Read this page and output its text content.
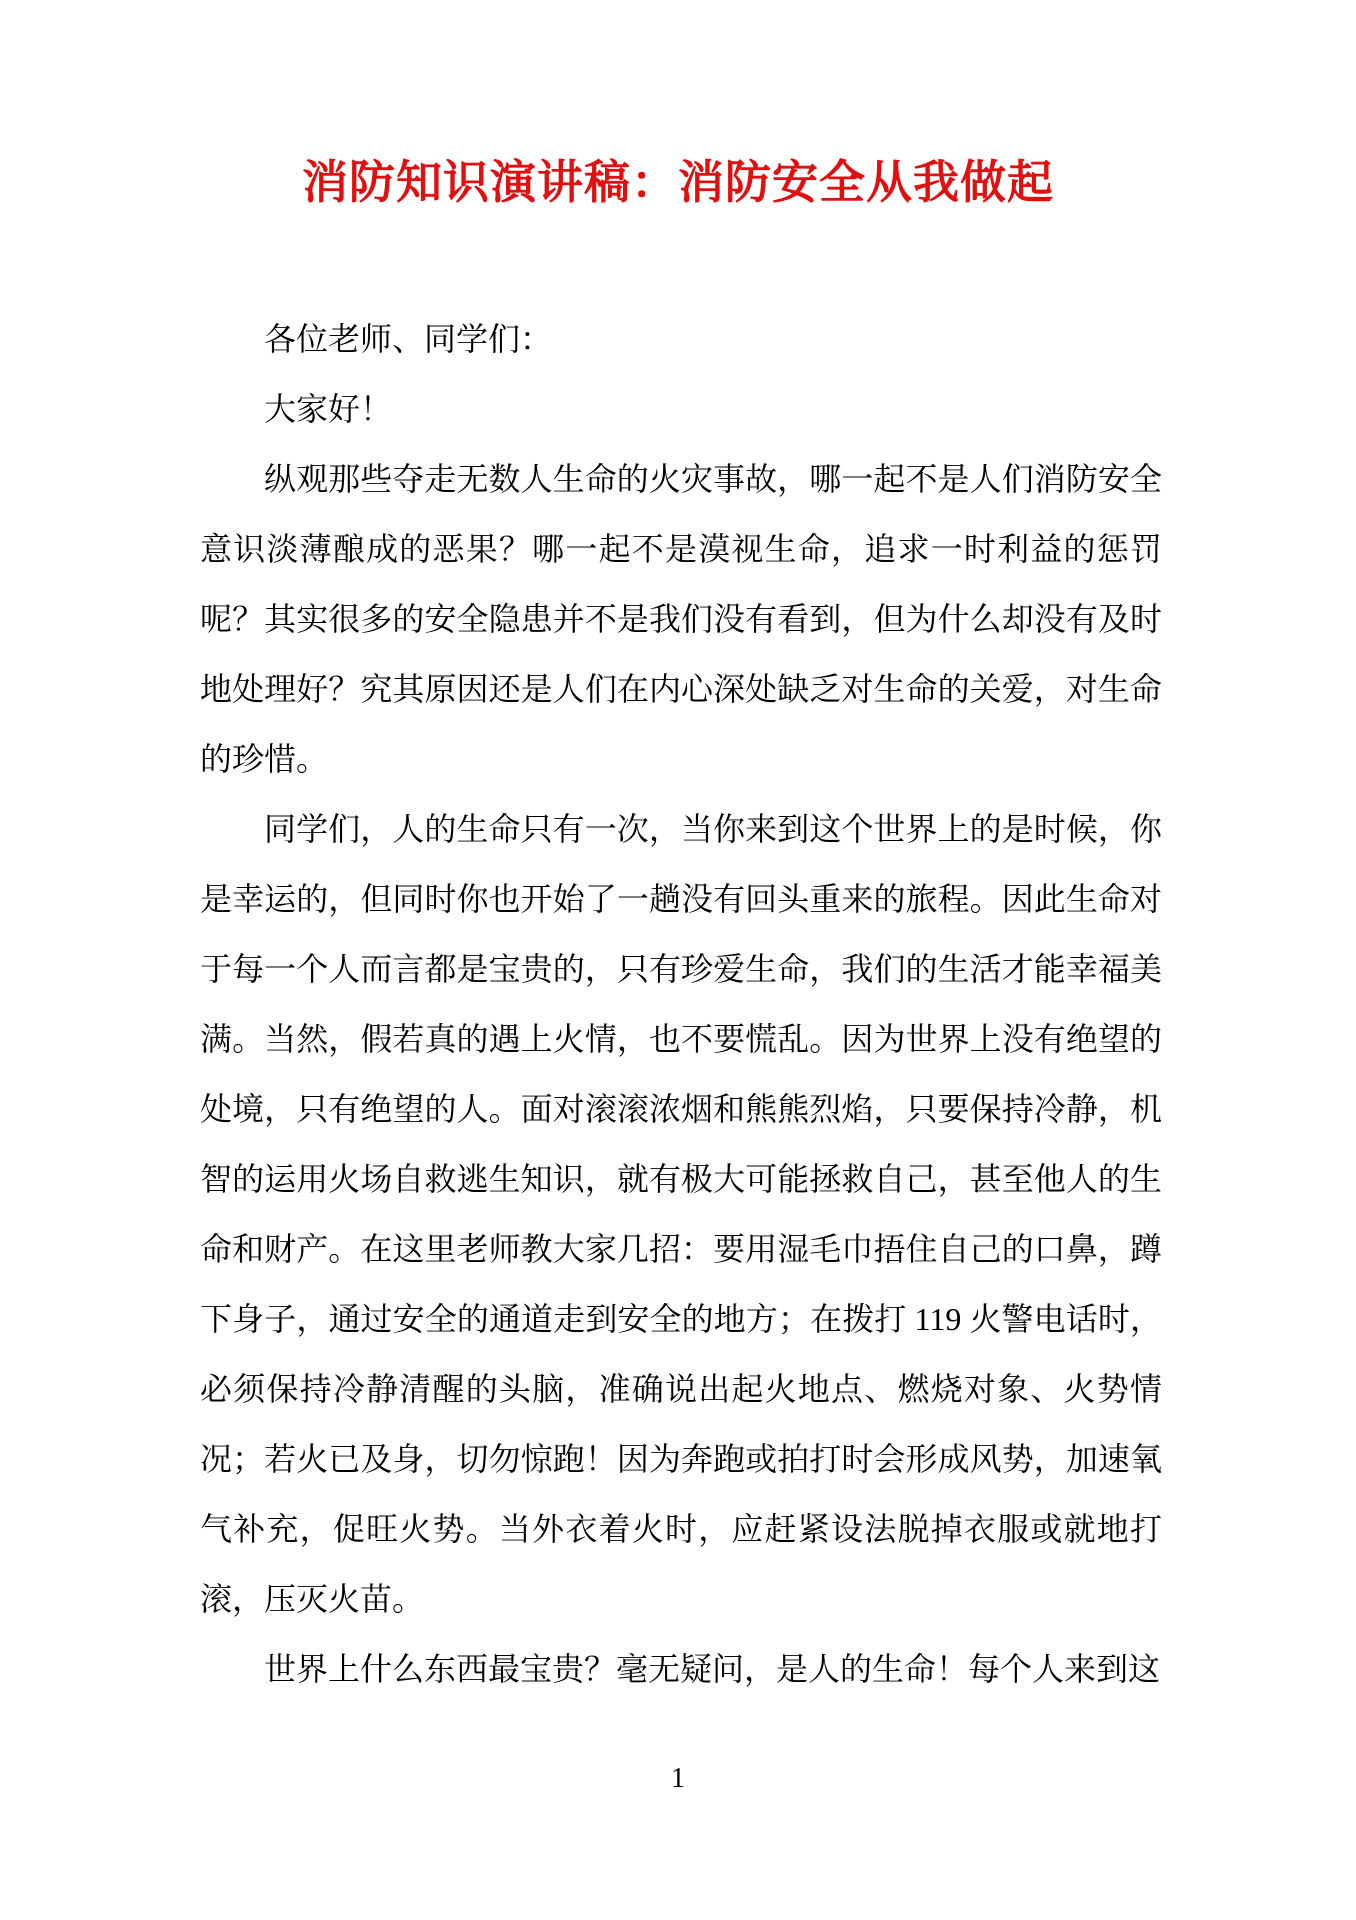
消防知识演讲稿：消防安全从我做起

各位老师、同学们：

大家好！

纵观那些夺走无数人生命的火灾事故，哪一起不是人们消防安全意识淡薄酿成的恶果？哪一起不是漠视生命，追求一时利益的惩罚呢？其实很多的安全隐患并不是我们没有看到，但为什么却没有及时地处理好？究其原因还是人们在内心深处缺乏对生命的关爱，对生命的珍惜。

同学们，人的生命只有一次，当你来到这个世界上的是时候，你是幸运的，但同时你也开始了一趟没有回头重来的旅程。因此生命对于每一个人而言都是宝贵的，只有珍爱生命，我们的生活才能幸福美满。当然，假若真的遇上火情，也不要慌乱。因为世界上没有绝望的处境，只有绝望的人。面对滚滚浓烟和熊熊烈焰，只要保持冷静，机智的运用火场自救逃生知识，就有极大可能拯救自己，甚至他人的生命和财产。在这里老师教大家几招：要用湿毛巾捂住自己的口鼻，蹲下身子，通过安全的通道走到安全的地方；在拨打 119 火警电话时，必须保持冷静清醒的头脑，准确说出起火地点、燃烧对象、火势情况；若火已及身，切勿惊跑！因为奔跑或拍打时会形成风势，加速氧气补充，促旺火势。当外衣着火时，应赶紧设法脱掉衣服或就地打滚，压灭火苗。

世界上什么东西最宝贵？毫无疑问，是人的生命！每个人来到这

1
